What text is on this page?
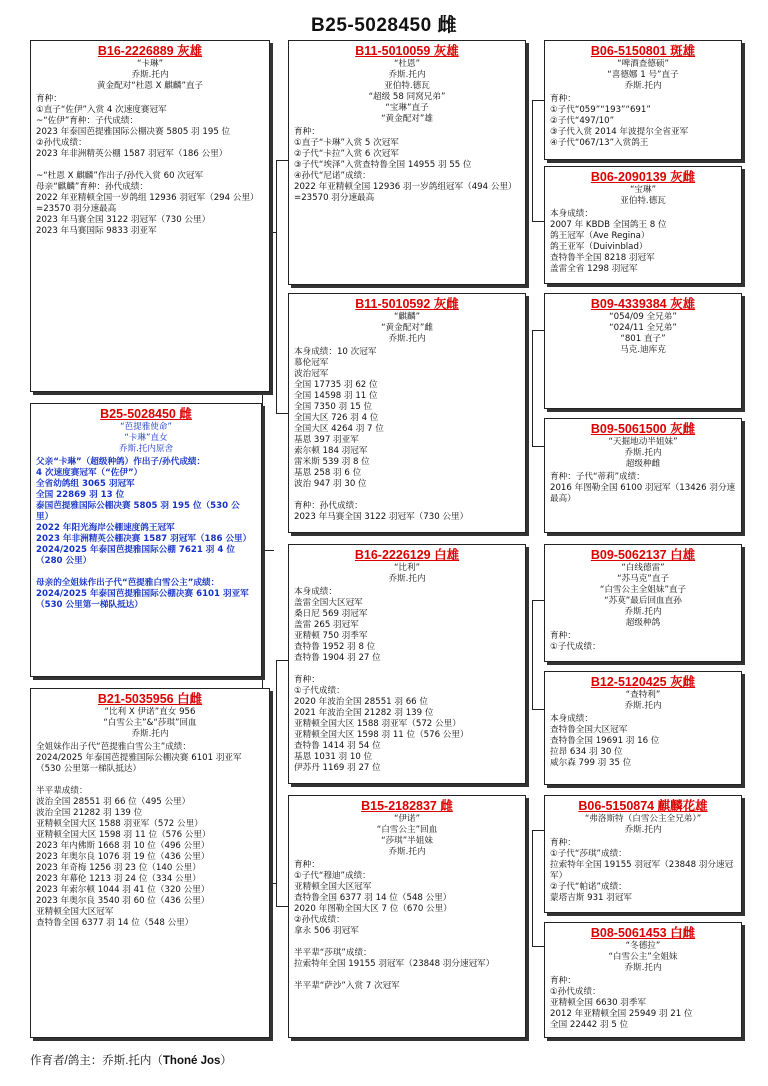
B25-5028450 雌
B25-5028450 雌
“芭提雅使命”
“卡琳”直女
乔斯.托内原舍
父亲“卡琳”（超级种鸽）作出子/孙代成绩：
4 次速度赛冠军（“佐伊”）
全省幼鸽组 3065 羽冠军
全国 22869 羽 13 位
泰国芭提雅国际公棚决赛 5805 羽 195 位（530 公里）
2022 年阳光海岸公棚速度鸽王冠军
2023 年非洲精英公棚决赛 1587 羽冠军（186 公里）
2024/2025 年泰国芭提雅国际公棚 7621 羽 4 位（280 公里）

母亲的全姐妹作出子代“芭提雅白雪公主”成绩：
2024/2025 年泰国芭提雅国际公棚决赛 6101 羽亚军（530 公里第一梯队抵达）
B16-2226889 灰雄
“卡琳”
乔斯.托内
黄金配对“杜恩 X 麒麟”直子
育种：
①直子“佐伊”入赏 4 次速度赛冠军
~“佐伊”育种：子代成绩：
2023 年泰国芭提雅国际公棚决赛 5805 羽 195 位
②孙代成绩：
2023 年非洲精英公棚 1587 羽冠军（186 公里）

~“杜恩 X 麒麟”作出子/孙代入赏 60 次冠军
母亲“麒麟”育种：孙代成绩：
2022 年亚精顿全国一岁鸽组 12936 羽冠军（294 公里）
=23570 羽分速最高
2023 年马赛全国 3122 羽冠军（730 公里）
2023 年马赛国际 9833 羽亚军
B21-5035956 白雌
“比利 X 伊诺”直女 956
“白雪公主”&“莎琪”回血
乔斯.托内
全姐妹作出子代“芭提雅白雪公主”成绩：
2024/2025 年泰国芭提雅国际公棚决赛 6101 羽亚军（530 公里第一梯队抵达）

半平辈成绩：
波治全国 28551 羽 66 位（495 公里）
波治全国 21282 羽 139 位
亚精顿全国大区 1588 羽亚军（572 公里）
亚精顿全国大区 1598 羽 11 位（576 公里）
2023 年内佛斯 1668 羽 10 位（496 公里）
2023 年奥尔良 1076 羽 19 位（436 公里）
2023 年奇梅 1256 羽 23 位（140 公里）
2023 年幕伦 1213 羽 24 位（334 公里）
2023 年索尔顿 1044 羽 41 位（320 公里）
2023 年奥尔良 3540 羽 60 位（436 公里）
亚精顿全国大区冠军
查特鲁全国 6377 羽 14 位（548 公里）
B11-5010059 灰雄
“杜恩”
乔斯.托内
亚伯特.德瓦
“超级 58 同窝兄弟”
“宝琳”直子
“黄金配对”雄
育种：
①直子“卡琳”入赏 5 次冠军
②子代“卡拉”入赏 6 次冠军
③子代“埃泽”入赏查特鲁全国 14955 羽 55 位
④孙代“尼诺”成绩：
2022 年亚精顿全国 12936 羽一岁鸽组冠军（494 公里）
=23570 羽分速最高
B11-5010592 灰雌
“麒麟”
“黄金配对”雌
乔斯.托内
本身成绩：10 次冠军
慕伦冠军
波治冠军
全国 17735 羽 62 位
全国 14598 羽 11 位
全国 7350 羽 15 位
全国大区 726 羽 4 位
全国大区 4264 羽 7 位
基恩 397 羽亚军
索尔顿 184 羽冠军
雷米斯 539 羽 8 位
基恩 258 羽 6 位
波治 947 羽 30 位

育种：孙代成绩：
2023 年马赛全国 3122 羽冠军（730 公里）
B16-2226129 白雄
“比利”
乔斯.托内
本身成绩：
盖雷全国大区冠军
桑日尼 569 羽冠军
盖雷 265 羽冠军
亚精顿 750 羽季军
查特鲁 1952 羽 8 位
查特鲁 1904 羽 27 位

育种：
①子代成绩：
2020 年波治全国 28551 羽 66 位
2021 年波治全国 21282 羽 139 位
亚精顿全国大区 1588 羽亚军（572 公里）
亚精顿全国大区 1598 羽 11 位（576 公里）
查特鲁 1414 羽 54 位
基恩 1031 羽 10 位
伊苏丹 1169 羽 27 位
B15-2182837 雌
“伊诺”
“白雪公主”回血
“莎琪”半姐妹
乔斯.托内
育种：
①子代“穆迪”成绩：
亚精顿全国大区冠军
查特鲁全国 6377 羽 14 位（548 公里）
2020 年图勒全国大区 7 位（670 公里）
②孙代成绩：
拿永 506 羽冠军

半平辈“莎琪”成绩：
拉索特年全国 19155 羽冠军（23848 羽分速冠军）

半平辈“萨沙”入赏 7 次冠军
B06-5150801 斑雄
“啤酒查德硕”
“喜德娜 1 号”直子
乔斯.托内
育种：
①子代“059”“193”“691”
②子代“497/10”
③子代入赏 2014 年波提尔全省亚军
④子代“067/13”入赏鸽王
B06-2090139 灰雌
“宝琳”
亚伯特.德瓦
本身成绩：
2007 年 KBDB 全国鸽王 8 位
鸽王冠军（Ave Regina）
鸽王亚军（Duivinblad）
查特鲁半全国 8218 羽冠军
盖雷全省 1298 羽冠军
B09-4339384 灰雄
“054/09 全兄弟”
“024/11 全兄弟”
“801 直子”
马克.迪库克
B09-5061500 灰雌
“天掘地动半姐妹”
乔斯.托内
超级种雌
育种：子代“蒂莉”成绩：
2016 年图勒全国 6100 羽冠军（13426 羽分速最高）
B09-5062137 白雄
“白线德雷”
“苏马克”直子
“白雪公主全姐妹”直子
“苏莫”最后回血直孙
乔斯.托内
超级种鸽
育种：
①子代成绩：
B12-5120425 灰雌
“查特利”
乔斯.托内
本身成绩：
查特鲁全国大区冠军
查特鲁全国 19691 羽 16 位
拉昂 634 羽 30 位
威尔森 799 羽 35 位
B06-5150874 麒麟花雄
“弗洛斯特（白雪公主全兄弟）”
乔斯.托内
育种：
①子代“莎琪”成绩：
拉索特年全国 19155 羽冠军（23848 羽分速冠军）
②子代“帕诺”成绩：
蒙塔吉斯 931 羽冠军
B08-5061453 白雌
“冬德拉”
“白雪公主”全姐妹
乔斯.托内
育种：
①孙代成绩：
亚精顿全国 6630 羽季军
2012 年亚精顿全国 25949 羽 21 位
全国 22442 羽 5 位
作育者/鸽主：乔斯.托内（Thoné Jos）
